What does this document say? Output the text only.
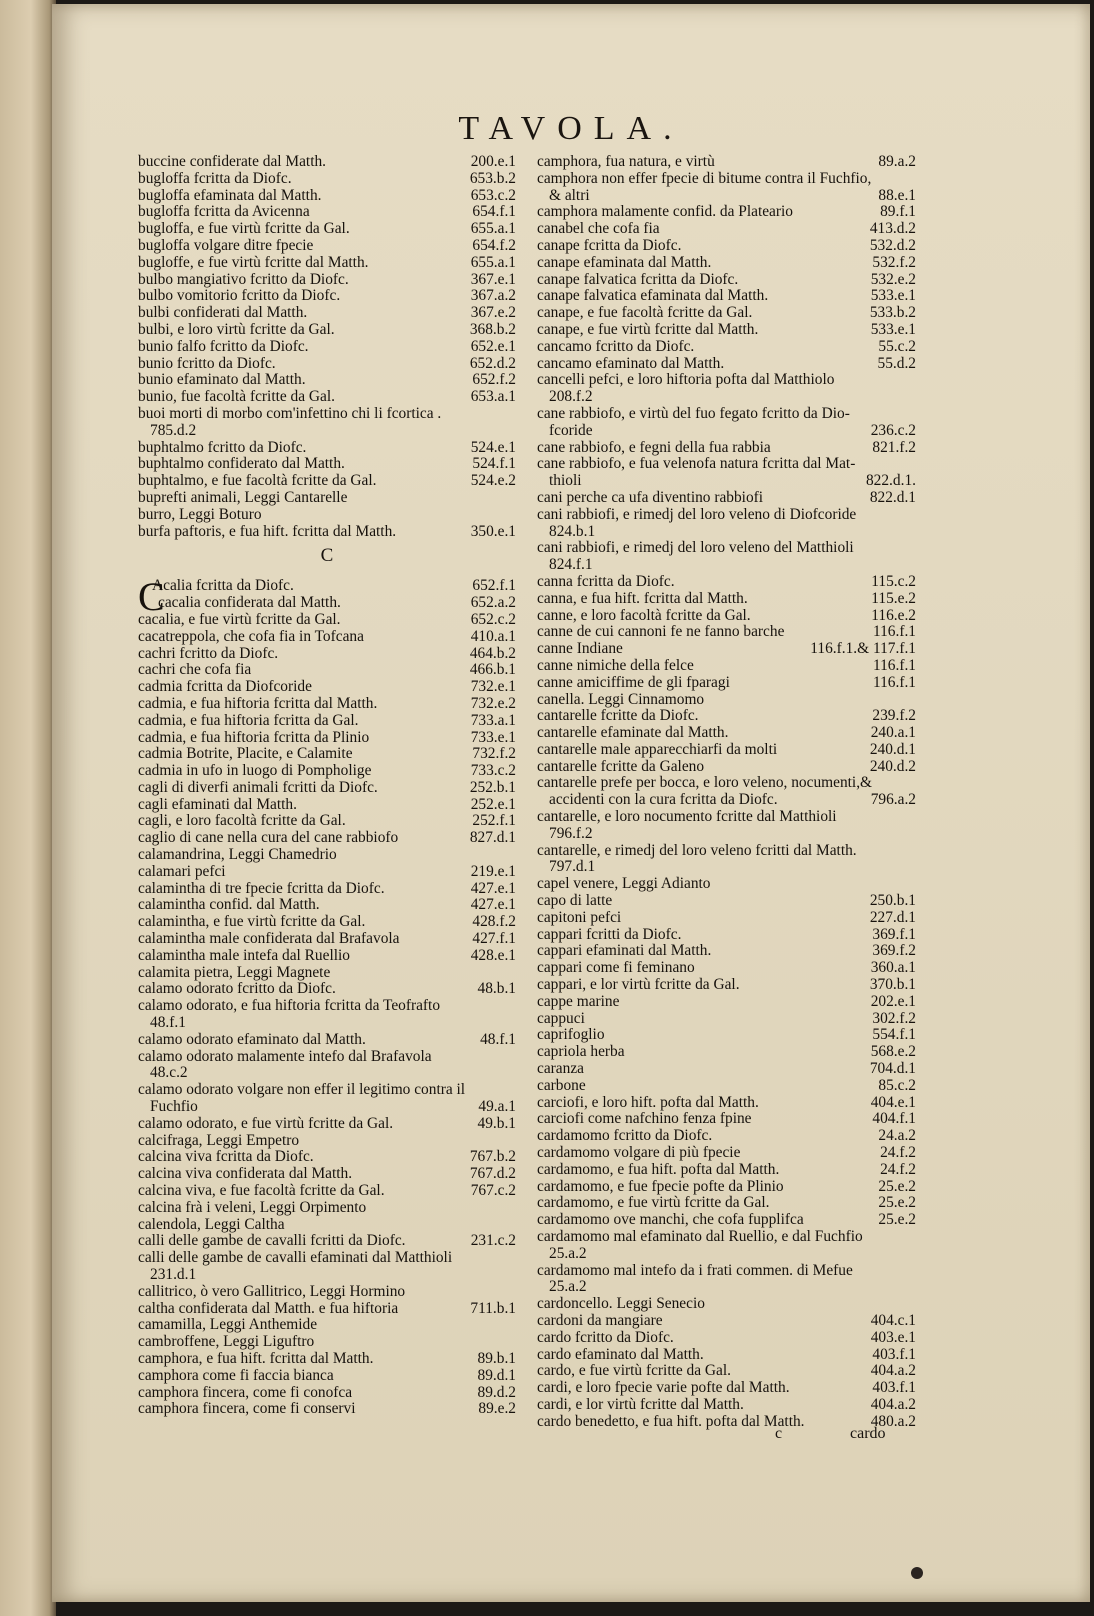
TAVOLA.
buccine confiderate dal Matth.	200.e.1
bugloffa fcritta da Diofc.	653.b.2
bugloffa efaminata dal Matth.	653.c.2
bugloffa fcritta da Avicenna	654.f.1
bugloffa, e fue virtù fcritte da Gal.	655.a.1
bugloffa volgare ditre fpecie	654.f.2
bugloffe, e fue virtù fcritte dal Matth.	655.a.1
bulbo mangiativo fcritto da Diofc.	367.e.1
bulbo vomitorio fcritto da Diofc.	367.a.2
bulbi confiderati dal Matth.	367.e.2
bulbi, e loro virtù fcritte da Gal.	368.b.2
bunio falfo fcritto da Diofc.	652.e.1
bunio fcritto da Diofc.	652.d.2
bunio efaminato dal Matth.	652.f.2
bunio, fue facoltà fcritte da Gal.	653.a.1
buoi morti di morbo com'infettino chi li fcortica .
785.d.2
buphtalmo fcritto da Diofc.	524.e.1
buphtalmo confiderato dal Matth.	524.f.1
buphtalmo, e fue facoltà fcritte da Gal.	524.e.2
buprefti animali, Leggi Cantarelle
burro, Leggi Boturo
burfa paftoris, e fua hift. fcritta dal Matth.	350.e.1
C
C
Acalia fcritta da Diofc.	652.f.1
cacalia confiderata dal Matth.	652.a.2
cacalia, e fue virtù fcritte da Gal.	652.c.2
cacatreppola, che cofa fia in Tofcana	410.a.1
cachri fcritto da Diofc.	464.b.2
cachri che cofa fia	466.b.1
cadmia fcritta da Diofcoride	732.e.1
cadmia, e fua hiftoria fcritta dal Matth.	732.e.2
cadmia, e fua hiftoria fcritta da Gal.	733.a.1
cadmia, e fua hiftoria fcritta da Plinio	733.e.1
cadmia Botrite, Placite, e Calamite	732.f.2
cadmia in ufo in luogo di Pompholige	733.c.2
cagli di diverfi animali fcritti da Diofc.	252.b.1
cagli efaminati dal Matth.	252.e.1
cagli, e loro facoltà fcritte da Gal.	252.f.1
caglio di cane nella cura del cane rabbiofo	827.d.1
calamandrina, Leggi Chamedrio
calamari pefci	219.e.1
calamintha di tre fpecie fcritta da Diofc.	427.e.1
calamintha confid. dal Matth.	427.e.1
calamintha, e fue virtù fcritte da Gal.	428.f.2
calamintha male confiderata dal Brafavola	427.f.1
calamintha male intefa dal Ruellio	428.e.1
calamita pietra, Leggi Magnete
calamo odorato fcritto da Diofc.	48.b.1
calamo odorato, e fua hiftoria fcritta da Teofrafto
48.f.1
calamo odorato efaminato dal Matth.	48.f.1
calamo odorato malamente intefo dal Brafavola
48.c.2
calamo odorato volgare non effer il legitimo contra il
Fuchfio	49.a.1
calamo odorato, e fue virtù fcritte da Gal.	49.b.1
calcifraga, Leggi Empetro
calcina viva fcritta da Diofc.	767.b.2
calcina viva confiderata dal Matth.	767.d.2
calcina viva, e fue facoltà fcritte da Gal.	767.c.2
calcina frà i veleni, Leggi Orpimento
calendola, Leggi Caltha
calli delle gambe de cavalli fcritti da Diofc.	231.c.2
calli delle gambe de cavalli efaminati dal Matthioli
231.d.1
callitrico, ò vero Gallitrico, Leggi Hormino
caltha confiderata dal Matth. e fua hiftoria	711.b.1
camamilla, Leggi Anthemide
cambroffene, Leggi Liguftro
camphora, e fua hift. fcritta dal Matth.	89.b.1
camphora come fi faccia bianca	89.d.1
camphora fincera, come fi conofca	89.d.2
camphora fincera, come fi conservi	89.e.2
camphora, fua natura, e virtù	89.a.2
camphora non effer fpecie di bitume contra il Fuchfio,
& altri	88.e.1
camphora malamente confid. da Plateario	89.f.1
canabel che cofa fia	413.d.2
canape fcritta da Diofc.	532.d.2
canape efaminata dal Matth.	532.f.2
canape falvatica fcritta da Diofc.	532.e.2
canape falvatica efaminata dal Matth.	533.e.1
canape, e fue facoltà fcritte da Gal.	533.b.2
canape, e fue virtù fcritte dal Matth.	533.e.1
cancamo fcritto da Diofc.	55.c.2
cancamo efaminato dal Matth.	55.d.2
cancelli pefci, e loro hiftoria pofta dal Matthiolo
208.f.2
cane rabbiofo, e virtù del fuo fegato fcritto da Dio-
fcoride	236.c.2
cane rabbiofo, e fegni della fua rabbia	821.f.2
cane rabbiofo, e fua velenofa natura fcritta dal Mat-
thioli	822.d.1.
cani perche ca ufa diventino rabbiofi	822.d.1
cani rabbiofi, e rimedj del loro veleno di Diofcoride
824.b.1
cani rabbiofi, e rimedj del loro veleno del Matthioli
824.f.1
canna fcritta da Diofc.	115.c.2
canna, e fua hift. fcritta dal Matth.	115.e.2
canne, e loro facoltà fcritte da Gal.	116.e.2
canne de cui cannoni fe ne fanno barche	116.f.1
canne Indiane	116.f.1.& 117.f.1
canne nimiche della felce	116.f.1
canne amiciffime de gli fparagi	116.f.1
canella. Leggi Cinnamomo
cantarelle fcritte da Diofc.	239.f.2
cantarelle efaminate dal Matth.	240.a.1
cantarelle male apparecchiarfi da molti	240.d.1
cantarelle fcritte da Galeno	240.d.2
cantarelle prefe per bocca, e loro veleno, nocumenti,&
accidenti con la cura fcritta da Diofc.	796.a.2
cantarelle, e loro nocumento fcritte dal Matthioli
796.f.2
cantarelle, e rimedj del loro veleno fcritti dal Matth.
797.d.1
capel venere, Leggi Adianto
capo di latte	250.b.1
capitoni pefci	227.d.1
cappari fcritti da Diofc.	369.f.1
cappari efaminati dal Matth.	369.f.2
cappari come fi feminano	360.a.1
cappari, e lor virtù fcritte da Gal.	370.b.1
cappe marine	202.e.1
cappuci	302.f.2
caprifoglio	554.f.1
capriola herba	568.e.2
caranza	704.d.1
carbone	85.c.2
carciofi, e loro hift. pofta dal Matth.	404.e.1
carciofi come nafchino fenza fpine	404.f.1
cardamomo fcritto da Diofc.	24.a.2
cardamomo volgare di più fpecie	24.f.2
cardamomo, e fua hift. pofta dal Matth.	24.f.2
cardamomo, e fue fpecie pofte da Plinio	25.e.2
cardamomo, e fue virtù fcritte da Gal.	25.e.2
cardamomo ove manchi, che cofa fupplifca	25.e.2
cardamomo mal efaminato dal Ruellio, e dal Fuchfio
25.a.2
cardamomo mal intefo da i frati commen. di Mefue
25.a.2
cardoncello. Leggi Senecio
cardoni da mangiare	404.c.1
cardo fcritto da Diofc.	403.e.1
cardo efaminato dal Matth.	403.f.1
cardo, e fue virtù fcritte da Gal.	404.a.2
cardi, e loro fpecie varie pofte dal Matth.	403.f.1
cardi, e lor virtù fcritte dal Matth.	404.a.2
cardo benedetto, e fua hift. pofta dal Matth.	480.a.2
c	cardo
